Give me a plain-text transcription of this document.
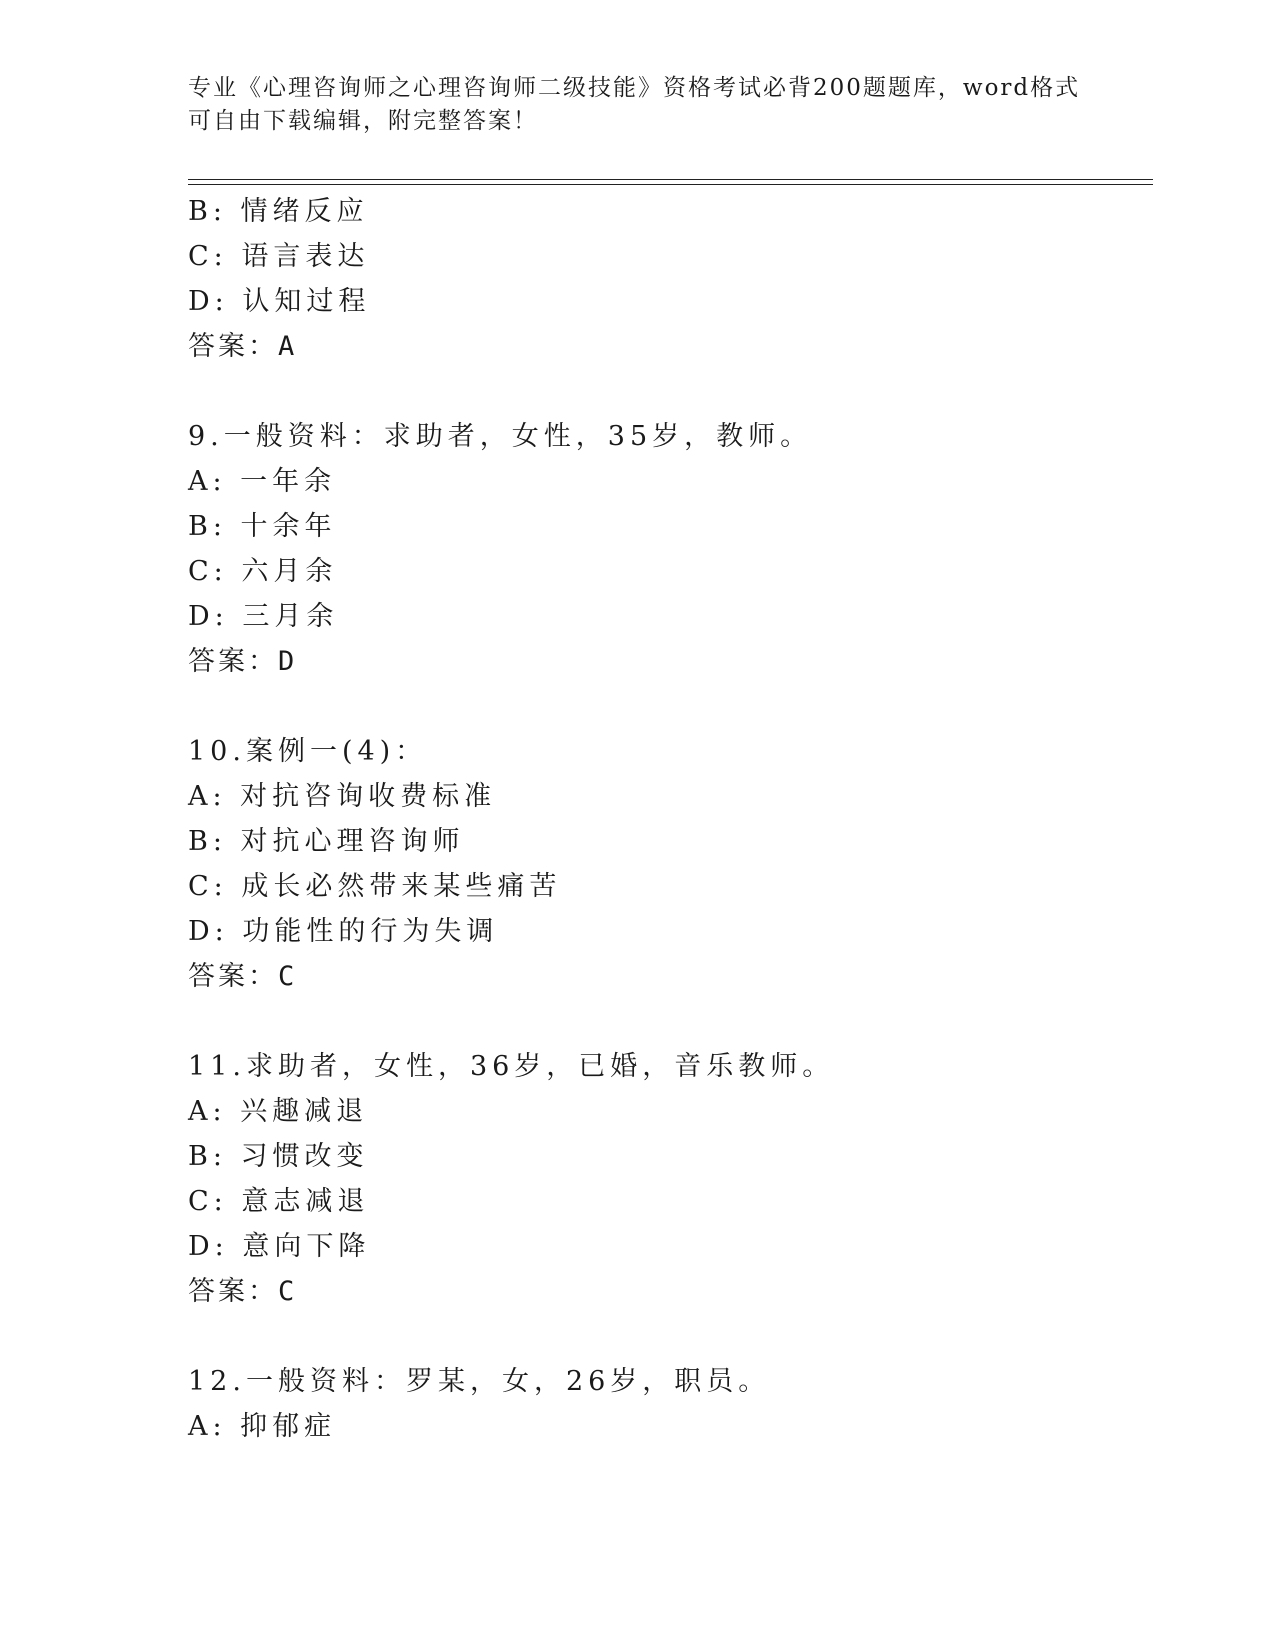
专业《心理咨询师之心理咨询师二级技能》资格考试必背200题题库，word格式
可自由下载编辑，附完整答案！
B: 情绪反应
C: 语言表达
D: 认知过程
答案：A
9.一般资料：求助者，女性，35岁，教师。
A: 一年余
B: 十余年
C: 六月余
D: 三月余
答案：D
10.案例一(4)：
A: 对抗咨询收费标准
B: 对抗心理咨询师
C: 成长必然带来某些痛苦
D: 功能性的行为失调
答案：C
11.求助者，女性，36岁，已婚，音乐教师。
A: 兴趣减退
B: 习惯改变
C: 意志减退
D: 意向下降
答案：C
12.一般资料：罗某，女，26岁，职员。
A: 抑郁症
